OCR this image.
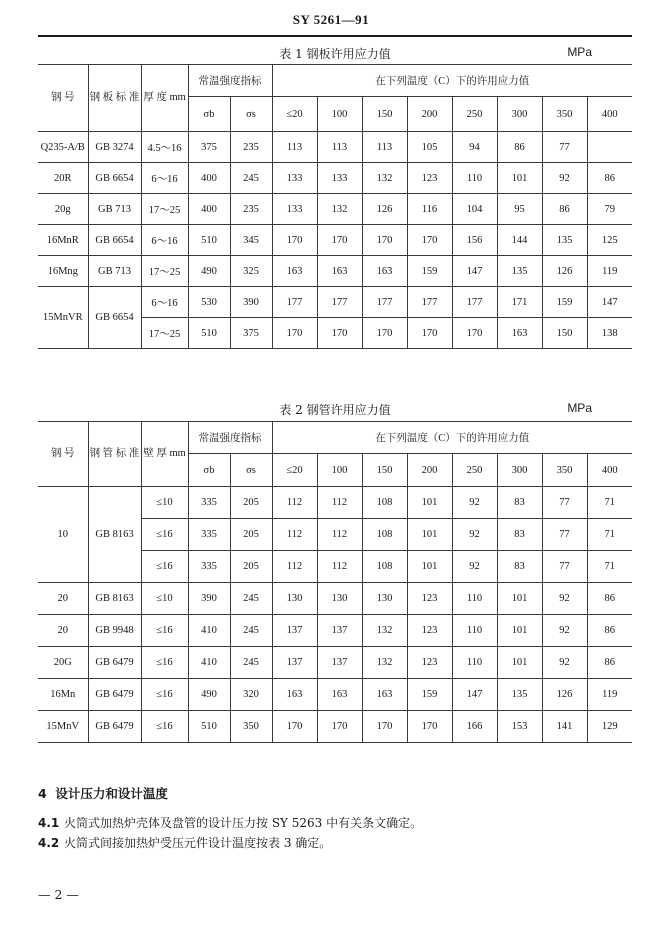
SY 5261—91
表 1 钢板许用应力值	MPa
钢 号	钢 板 标 准	厚 度 mm	常温强度指标		在下列温度（C）下的许用应力值							
			σb	σs	≤20	100	150	200	250	300	350	400
Q235-A/B	GB 3274	4.5～16	375	235	113	113	113	105	94	86	77	
20R	GB 6654	6～16	400	245	133	133	132	123	110	101	92	86
20g	GB 713	17～25	400	235	133	132	126	116	104	95	86	79
16MnR	GB 6654	6～16	510	345	170	170	170	170	156	144	135	125
16Mng	GB 713	17～25	490	325	163	163	163	159	147	135	126	119
15MnVR	GB 6654	6～16	530	390	177	177	177	177	177	171	159	147
		17～25	510	375	170	170	170	170	170	163	150	138
表 2 钢管许用应力值	MPa
钢 号	钢 管 标 准	壁 厚 mm	常温强度指标		在下列温度（C）下的许用应力值							
			σb	σs	≤20	100	150	200	250	300	350	400
10	GB 8163	≤10	335	205	112	112	108	101	92	83	77	71
		≤16	335	205	112	112	108	101	92	83	77	71
		≤16	335	205	112	112	108	101	92	83	77	71
20	GB 8163	≤10	390	245	130	130	130	123	110	101	92	86
20	GB 9948	≤16	410	245	137	137	132	123	110	101	92	86
20G	GB 6479	≤16	410	245	137	137	132	123	110	101	92	86
16Mn	GB 6479	≤16	490	320	163	163	163	159	147	135	126	119
15MnV	GB 6479	≤16	510	350	170	170	170	170	166	153	141	129
4 设计压力和设计温度
4.1 火筒式加热炉壳体及盘管的设计压力按 SY 5263 中有关条文确定。
4.2 火筒式间接加热炉受压元件设计温度按表 3 确定。
— 2 —
